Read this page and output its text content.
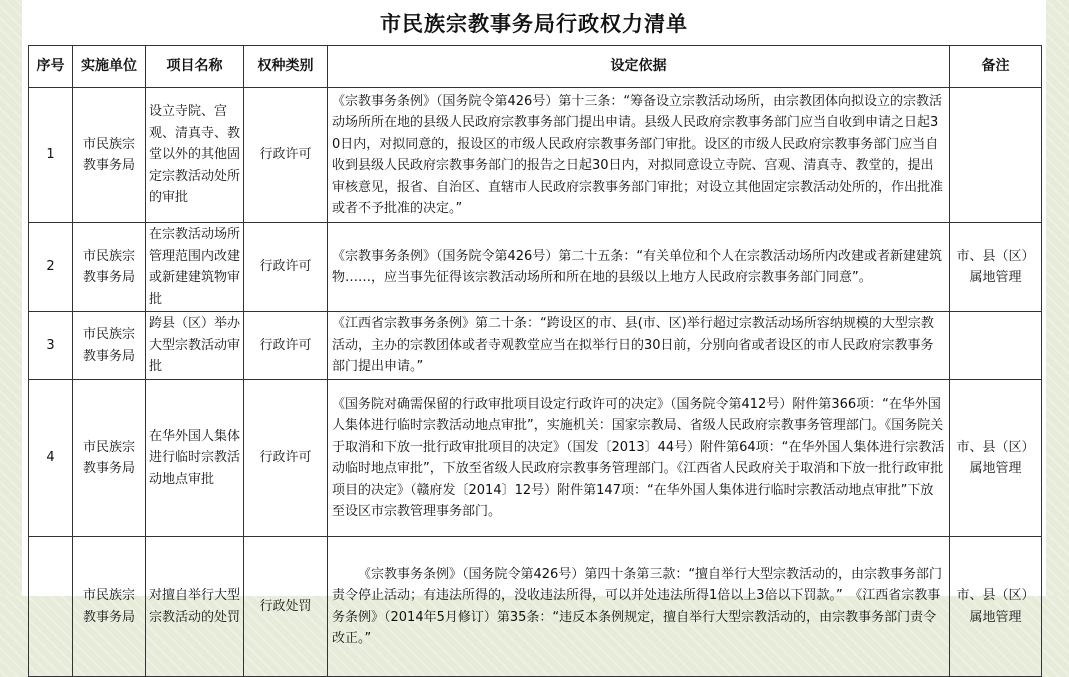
市民族宗教事务局行政权力清单
序号	实施单位	项目名称	权种类别	设定依据	备注
1	市民族宗教事务局	设立寺院、宫观、清真寺、教堂以外的其他固定宗教活动处所的审批	行政许可	《宗教事务条例》（国务院令第426号）第十三条：“筹备设立宗教活动场所，由宗教团体向拟设立的宗教活动场所所在地的县级人民政府宗教事务部门提出申请。县级人民政府宗教事务部门应当自收到申请之日起30日内，对拟同意的，报设区的市级人民政府宗教事务部门审批。设区的市级人民政府宗教事务部门应当自收到县级人民政府宗教事务部门的报告之日起30日内，对拟同意设立寺院、宫观、清真寺、教堂的，提出审核意见，报省、自治区、直辖市人民政府宗教事务部门审批；对设立其他固定宗教活动处所的，作出批准或者不予批准的决定。”	
2	市民族宗教事务局	在宗教活动场所管理范围内改建或新建建筑物审批	行政许可	《宗教事务条例》（国务院令第426号）第二十五条：“有关单位和个人在宗教活动场所内改建或者新建建筑物……，应当事先征得该宗教活动场所和所在地的县级以上地方人民政府宗教事务部门同意”。	市、县（区）属地管理
3	市民族宗教事务局	跨县（区）举办大型宗教活动审批	行政许可	《江西省宗教事务条例》第二十条：“跨设区的市、县(市、区)举行超过宗教活动场所容纳规模的大型宗教活动，主办的宗教团体或者寺观教堂应当在拟举行日的30日前，分别向省或者设区的市人民政府宗教事务部门提出申请。”	
4	市民族宗教事务局	在华外国人集体进行临时宗教活动地点审批	行政许可	《国务院对确需保留的行政审批项目设定行政许可的决定》（国务院令第412号）附件第366项：“在华外国人集体进行临时宗教活动地点审批”，实施机关：国家宗教局、省级人民政府宗教事务管理部门。《国务院关于取消和下放一批行政审批项目的决定》（国发〔2013〕44号）附件第64项：“在华外国人集体进行宗教活动临时地点审批”，下放至省级人民政府宗教事务管理部门。《江西省人民政府关于取消和下放一批行政审批项目的决定》（赣府发〔2014〕12号）附件第147项：“在华外国人集体进行临时宗教活动地点审批”下放至设区市宗教管理事务部门。	市、县（区）属地管理
	市民族宗教事务局	对擅自举行大型宗教活动的处罚	行政处罚	《宗教事务条例》（国务院令第426号）第四十条第三款：“擅自举行大型宗教活动的，由宗教事务部门责令停止活动；有违法所得的，没收违法所得，可以并处违法所得1倍以上3倍以下罚款。”　《江西省宗教事务条例》（2014年5月修订）第35条：“违反本条例规定，擅自举行大型宗教活动的，由宗教事务部门责令改正。”	市、县（区）属地管理
